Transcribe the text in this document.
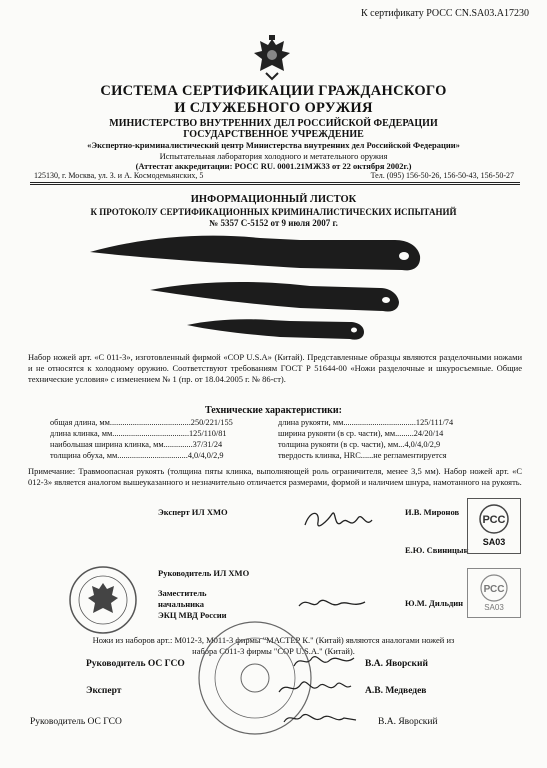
К сертификату РОСС CN.SA03.A17230
СИСТЕМА СЕРТИФИКАЦИИ ГРАЖДАНСКОГО
И СЛУЖЕБНОГО ОРУЖИЯ
МИНИСТЕРСТВО ВНУТРЕННИХ ДЕЛ РОССИЙСКОЙ ФЕДЕРАЦИИ
ГОСУДАРСТВЕННОЕ УЧРЕЖДЕНИЕ
«Экспертно-криминалистический центр Министерства внутренних дел Российской Федерации»
Испытательная лаборатория холодного и метательного оружия
(Аттестат аккредитации: РОСС RU. 0001.21МЖ33 от 22 октября 2002г.)
125130, г. Москва, ул. З. и А. Космодемьянских, 5	Тел. (095) 156-50-26, 156-50-43, 156-50-27
ИНФОРМАЦИОННЫЙ ЛИСТОК
К ПРОТОКОЛУ СЕРТИФИКАЦИОННЫХ КРИМИНАЛИСТИЧЕСКИХ ИСПЫТАНИЙ
№ 5357 С-5152 от 9 июля 2007 г.
Набор ножей арт. «С 011-3», изготовленный фирмой «COP U.S.A» (Китай). Представленные образцы являются разделочными ножами и не относятся к холодному оружию. Соответствуют требованиям ГОСТ Р 51644-00 «Ножи разделочные и шкуросъемные. Общие технические условия» с изменением № 1 (пр. от 18.04.2005 г. № 86-ст).
Технические характеристики:
общая длина, мм.......................................250/221/155
длина клинка, мм.....................................125/110/81
наибольшая ширина клинка, мм..............37/31/24
толщина обуха, мм..................................4,0/4,0/2,9
длина рукояти, мм...................................125/111/74
ширина рукояти (в ср. части), мм.........24/20/14
толщина рукояти (в ср. части), мм...4,0/4,0/2,9
твердость клинка, HRC......не регламентируется
Примечание: Травмоопасная рукоять (толщина пяты клинка, выполняющей роль ограничителя, менее 3,5 мм). Набор ножей арт. «С 012-3» является аналогом вышеуказанного и незначительно отличается размерами, формой и наличием шнура, намотанного на рукоять.
Эксперт ИЛ ХМО	И.В. Миронов
Е.Ю. Свиницын
Руководитель ИЛ ХМО
Заместитель
начальника
ЭКЦ МВД России
Ю.М. Дильдин
РСС
SA03
РСС
SA03
Ножи из наборов арт.: М012-3, М011-3 фирмы "МАСТЕР К." (Китай) являются аналогами ножей из
набора С011-3 фирмы "COP U.S.A." (Китай).
Руководитель ОС ГСО	В.А. Яворский
Эксперт	А.В. Медведев
Руководитель ОС ГСО	В.А. Яворский
